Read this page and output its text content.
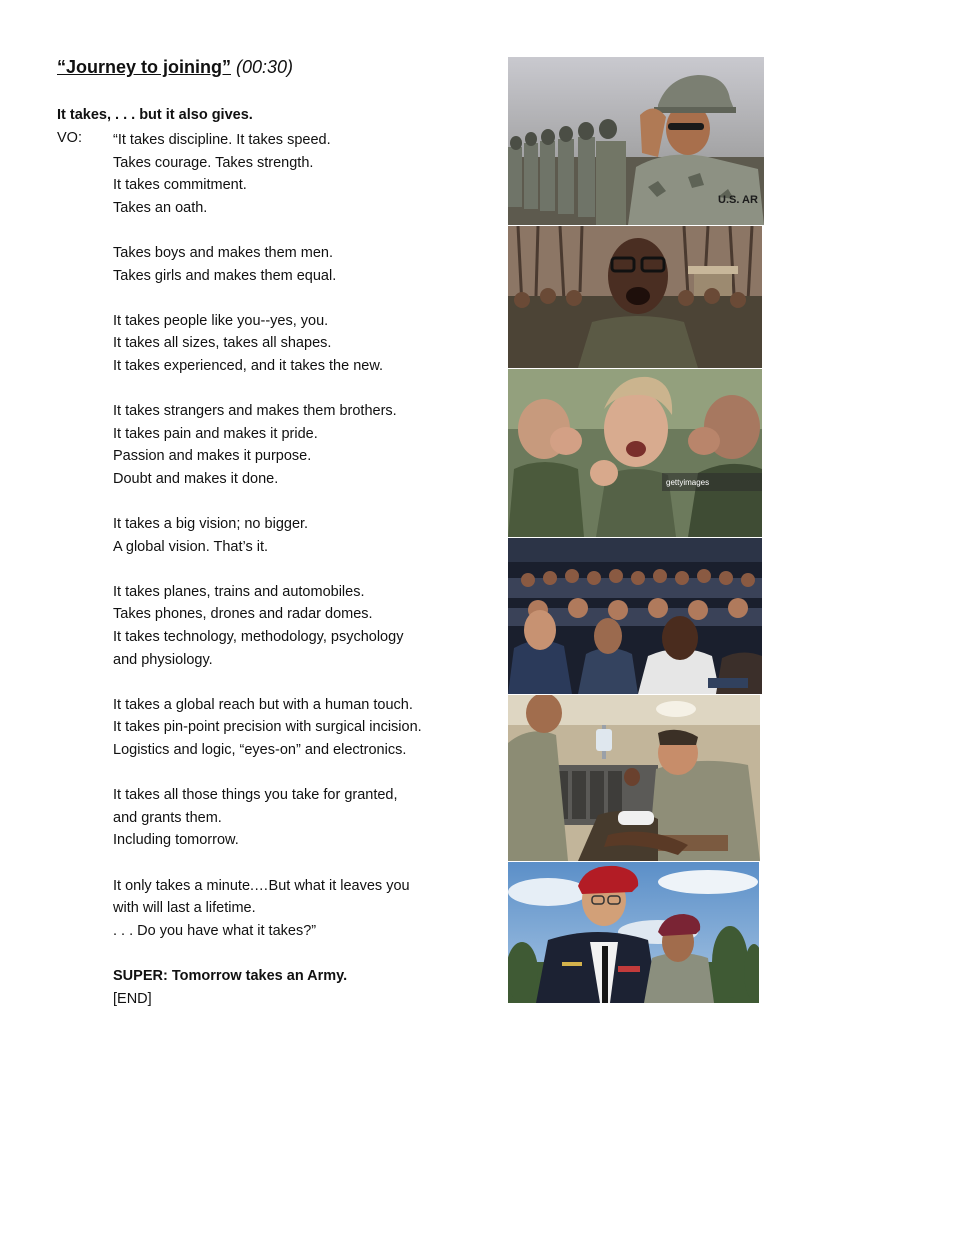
“Journey to joining” (00:30)
It takes, . . . but it also gives.
VO: “It takes discipline. It takes speed.
Takes courage. Takes strength.
It takes commitment.
Takes an oath.
Takes boys and makes them men.
Takes girls and makes them equal.
It takes people like you--yes, you.
It takes all sizes, takes all shapes.
It takes experienced, and it takes the new.
It takes strangers and makes them brothers.
It takes pain and makes it pride.
Passion and makes it purpose.
Doubt and makes it done.
It takes a big vision; no bigger.
A global vision. That’s it.
It takes planes, trains and automobiles.
Takes phones, drones and radar domes.
It takes technology, methodology, psychology
and physiology.
It takes a global reach but with a human touch.
It takes pin-point precision with surgical incision.
Logistics and logic, “eyes-on” and electronics.
It takes all those things you take for granted,
and grants them.
Including tomorrow.
It only takes a minute.…But what it leaves you
with will last a lifetime.
. . . Do you have what it takes?”
SUPER: Tomorrow takes an Army.
[END]
U.S. AR
gettyimages
